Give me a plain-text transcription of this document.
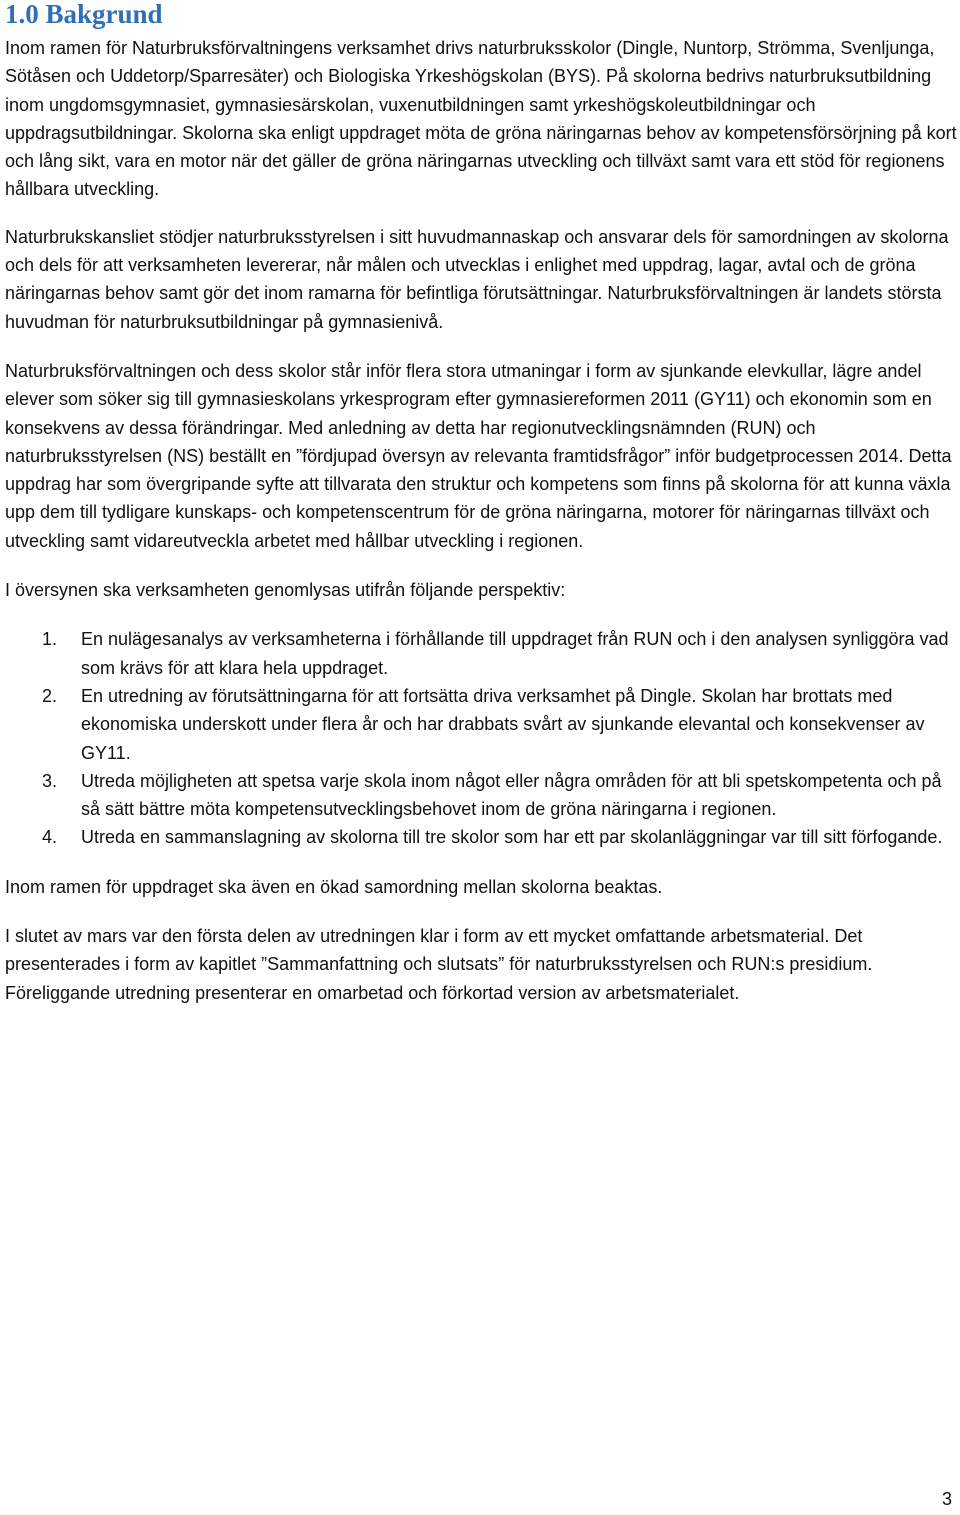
1.0 Bakgrund

Inom ramen för Naturbruksförvaltningens verksamhet drivs naturbruksskolor (Dingle, Nuntorp, Strömma, Svenljunga, Sötåsen och Uddetorp/Sparresäter) och Biologiska Yrkeshögskolan (BYS). På skolorna bedrivs naturbruksutbildning inom ungdomsgymnasiet, gymnasiesärskolan, vuxenutbildningen samt yrkeshögskoleutbildningar och uppdragsutbildningar. Skolorna ska enligt uppdraget möta de gröna näringarnas behov av kompetensförsörjning på kort och lång sikt, vara en motor när det gäller de gröna näringarnas utveckling och tillväxt samt vara ett stöd för regionens hållbara utveckling.

Naturbrukskansliet stödjer naturbruksstyrelsen i sitt huvudmannaskap och ansvarar dels för samordningen av skolorna och dels för att verksamheten levererar, når målen och utvecklas i enlighet med uppdrag, lagar, avtal och de gröna näringarnas behov samt gör det inom ramarna för befintliga förutsättningar. Naturbruksförvaltningen är landets största huvudman för naturbruksutbildningar på gymnasienivå.

Naturbruksförvaltningen och dess skolor står inför flera stora utmaningar i form av sjunkande elevkullar, lägre andel elever som söker sig till gymnasieskolans yrkesprogram efter gymnasiereformen 2011 (GY11) och ekonomin som en konsekvens av dessa förändringar. Med anledning av detta har regionutvecklingsnämnden (RUN) och naturbruksstyrelsen (NS) beställt en ”fördjupad översyn av relevanta framtidsfrågor” inför budgetprocessen 2014. Detta uppdrag har som övergripande syfte att tillvarata den struktur och kompetens som finns på skolorna för att kunna växla upp dem till tydligare kunskaps- och kompetenscentrum för de gröna näringarna, motorer för näringarnas tillväxt och utveckling samt vidareutveckla arbetet med hållbar utveckling i regionen.

I översynen ska verksamheten genomlysas utifrån följande perspektiv:

1. En nulägesanalys av verksamheterna i förhållande till uppdraget från RUN och i den analysen synliggöra vad som krävs för att klara hela uppdraget.
2. En utredning av förutsättningarna för att fortsätta driva verksamhet på Dingle. Skolan har brottats med ekonomiska underskott under flera år och har drabbats svårt av sjunkande elevantal och konsekvenser av GY11.
3. Utreda möjligheten att spetsa varje skola inom något eller några områden för att bli spetskompetenta och på så sätt bättre möta kompetensutvecklingsbehovet inom de gröna näringarna i regionen.
4. Utreda en sammanslagning av skolorna till tre skolor som har ett par skolanläggningar var till sitt förfogande.

Inom ramen för uppdraget ska även en ökad samordning mellan skolorna beaktas.

I slutet av mars var den första delen av utredningen klar i form av ett mycket omfattande arbetsmaterial. Det presenterades i form av kapitlet ”Sammanfattning och slutsats” för naturbruksstyrelsen och RUN:s presidium. Föreliggande utredning presenterar en omarbetad och förkortad version av arbetsmaterialet.

3
